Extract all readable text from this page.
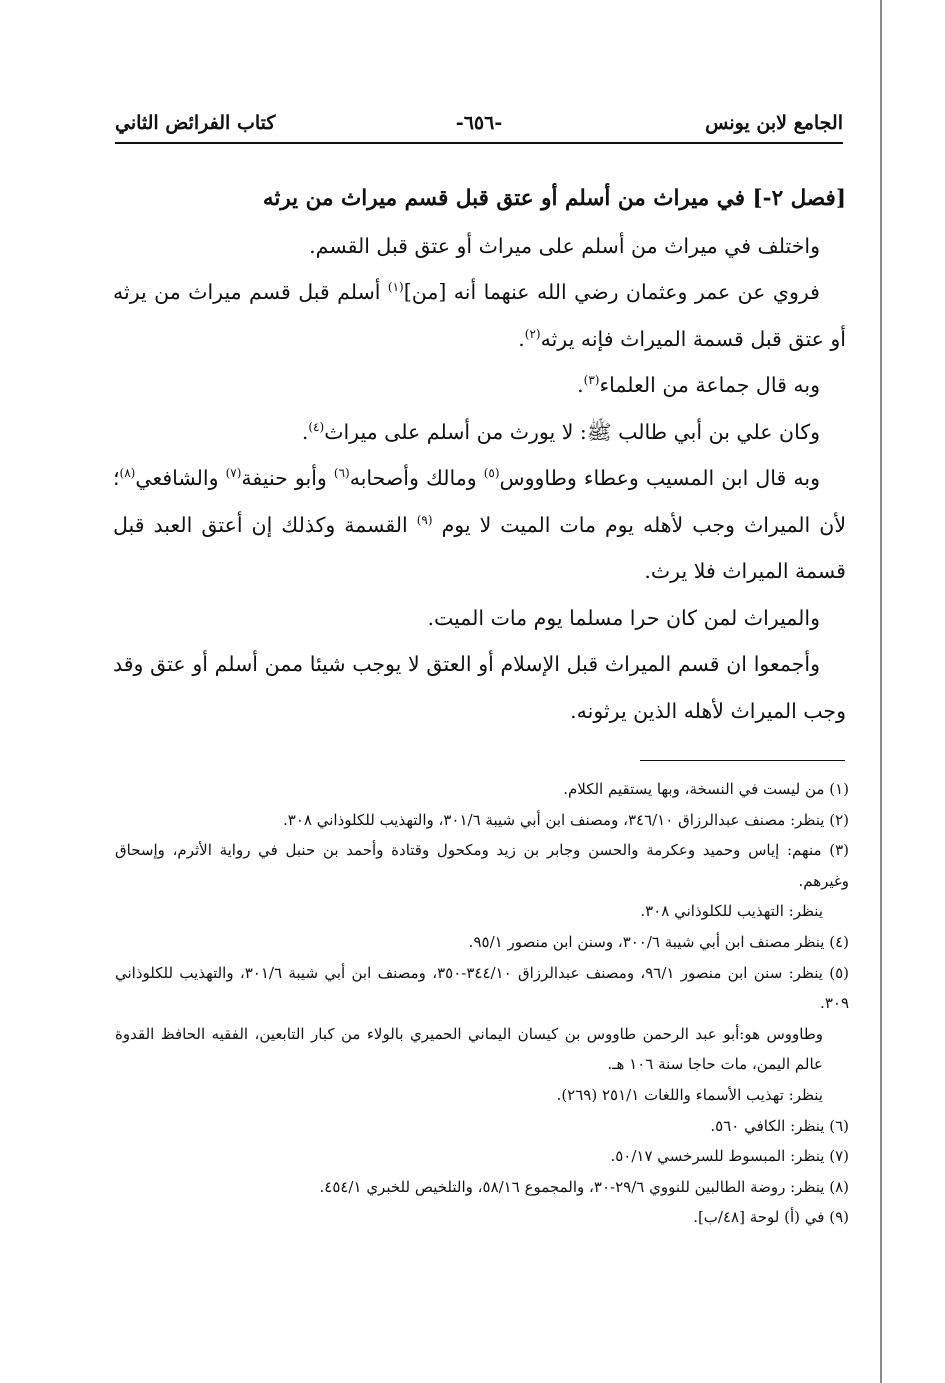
الجامع لابن يونس
-٦٥٦-
كتاب الفرائض الثاني

[فصل ٢-] في ميراث من أسلم أو عتق قبل قسم ميراث من يرثه

واختلف في ميراث من أسلم على ميراث أو عتق قبل القسم.

فروي عن عمر وعثمان رضي الله عنهما أنه [من]$^{(١)}$ أسلم قبل قسم ميراث من يرثه أو عتق قبل قسمة الميراث فإنه يرثه$^{(٢)}$.

وبه قال جماعة من العلماء$^{(٣)}$.

وكان علي بن أبي طالب ﷺ: لا يورث من أسلم على ميراث$^{(٤)}$.

وبه قال ابن المسيب وعطاء وطاووس$^{(٥)}$ ومالك وأصحابه$^{(٦)}$ وأبو حنيفة$^{(٧)}$ والشافعي$^{(٨)}$؛ لأن الميراث وجب لأهله يوم مات الميت لا يوم $^{(٩)}$ القسمة وكذلك إن أعتق العبد قبل قسمة الميراث فلا يرث.

والميراث لمن كان حرا مسلما يوم مات الميت.

وأجمعوا ان قسم الميراث قبل الإسلام أو العتق لا يوجب شيئا ممن أسلم أو عتق وقد وجب الميراث لأهله الذين يرثونه.

(١) من ليست في النسخة، وبها يستقيم الكلام.

(٢) ينظر: مصنف عبدالرزاق ٣٤٦/١٠، ومصنف ابن أبي شيبة ٣٠١/٦، والتهذيب للكلوذاني ٣٠٨.

(٣) منهم: إياس وحميد وعكرمة والحسن وجابر بن زيد ومكحول وقتادة وأحمد بن حنبل في رواية الأثرم، وإسحاق وغيرهم.

ينظر: التهذيب للكلوذاني ٣٠٨.

(٤) ينظر مصنف ابن أبي شيبة ٣٠٠/٦، وسنن ابن منصور ٩٥/١.

(٥) ينظر: سنن ابن منصور ٩٦/١، ومصنف عبدالرزاق ٣٤٤/١٠-٣٥٠، ومصنف ابن أبي شيبة ٣٠١/٦، والتهذيب للكلوذاني ٣٠٩.

وطاووس هو:أبو عبد الرحمن طاووس بن كيسان اليماني الحميري بالولاء من كبار التابعين، الفقيه الحافظ القدوة عالم اليمن، مات حاجا سنة ١٠٦ هـ.

ينظر: تهذيب الأسماء واللغات ٢٥١/١ (٢٦٩).

(٦) ينظر: الكافي ٥٦٠.

(٧) ينظر: المبسوط للسرخسي ٥٠/١٧.

(٨) ينظر: روضة الطالبين للنووي ٢٩/٦-٣٠، والمجموع ٥٨/١٦، والتلخيص للخبري ٤٥٤/١.

(٩) في (أ) لوحة [٤٨/ب].
